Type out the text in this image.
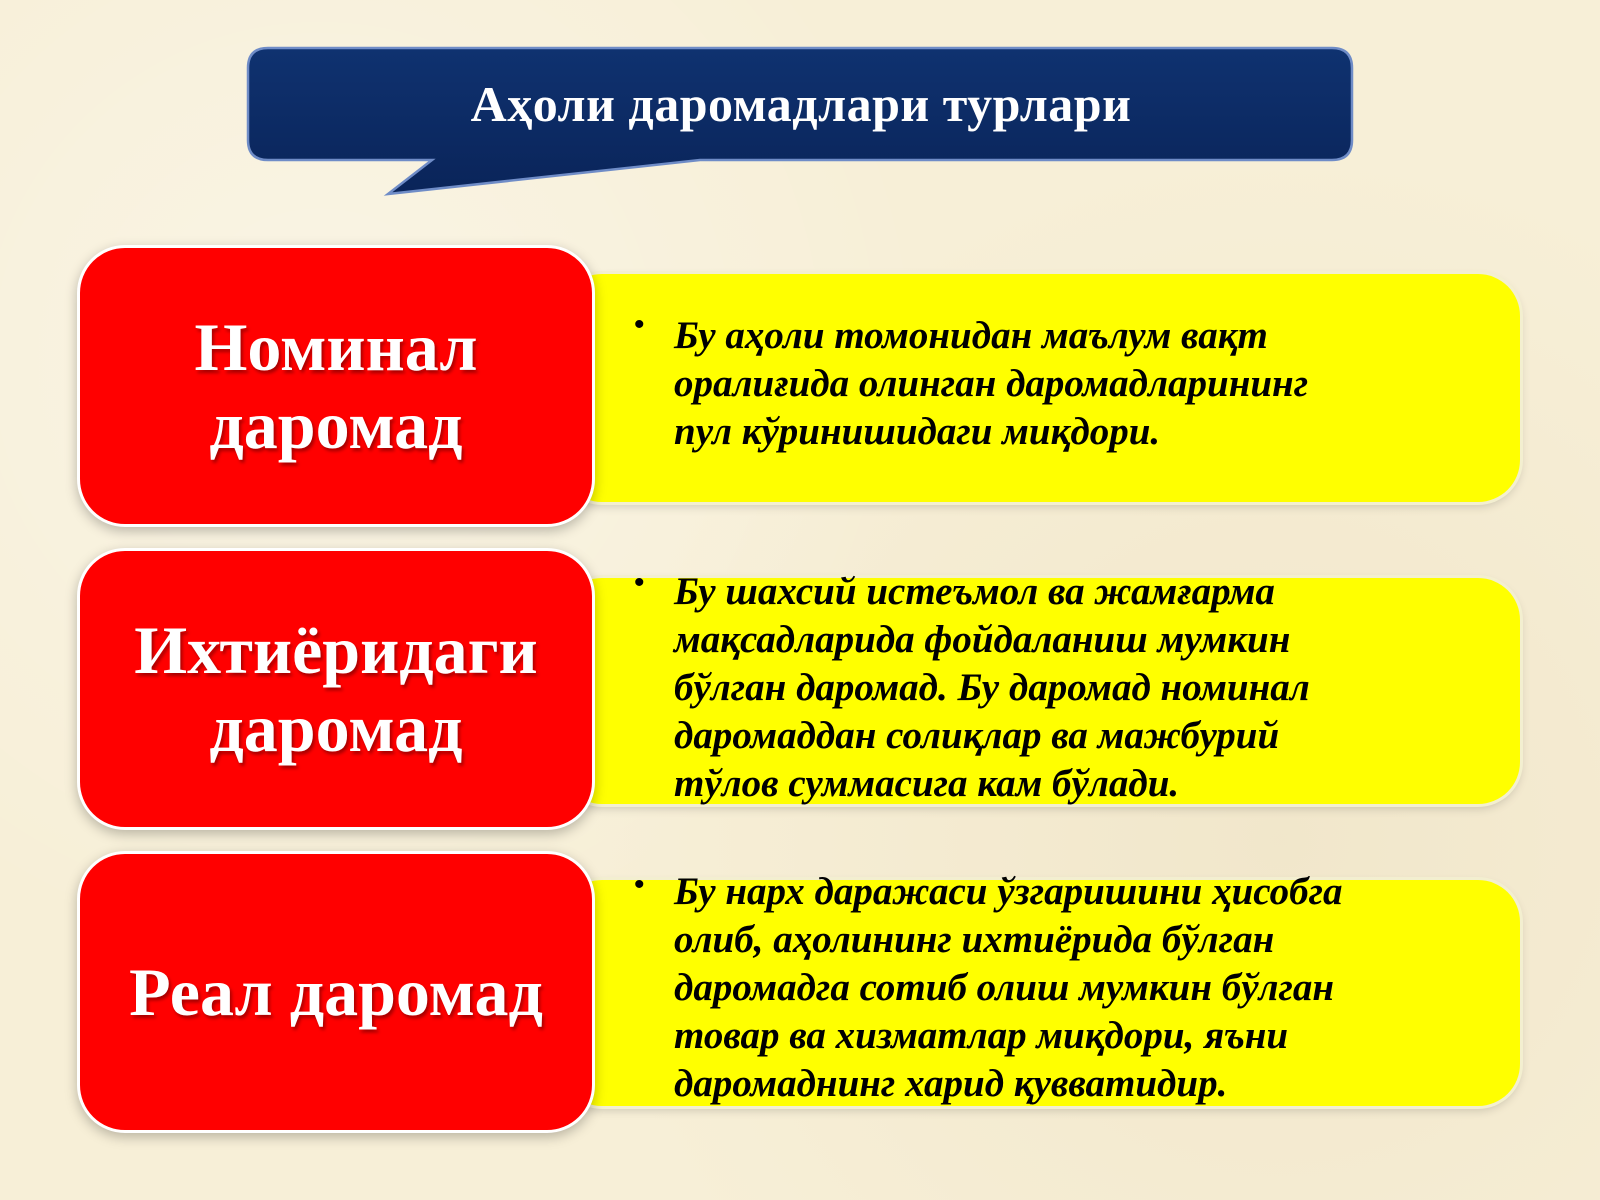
Аҳоли даромадлари турлари
• Бу аҳоли томонидан маълум вақт
оралиғида олинган даромадларининг
пул кўринишидаги миқдори.
Номинал
даромад
• Бу шахсий истеъмол ва жамғарма
мақсадларида фойдаланиш мумкин
бўлган даромад. Бу даромад номинал
даромаддан солиқлар ва мажбурий
тўлов суммасига кам бўлади.
Ихтиёридаги
даромад
• Бу нарх даражаси ўзгаришини ҳисобга
олиб, аҳолининг ихтиёрида бўлган
даромадга сотиб олиш мумкин бўлган
товар ва хизматлар миқдори, яъни
даромаднинг харид қувватидир.
Реал даромад
